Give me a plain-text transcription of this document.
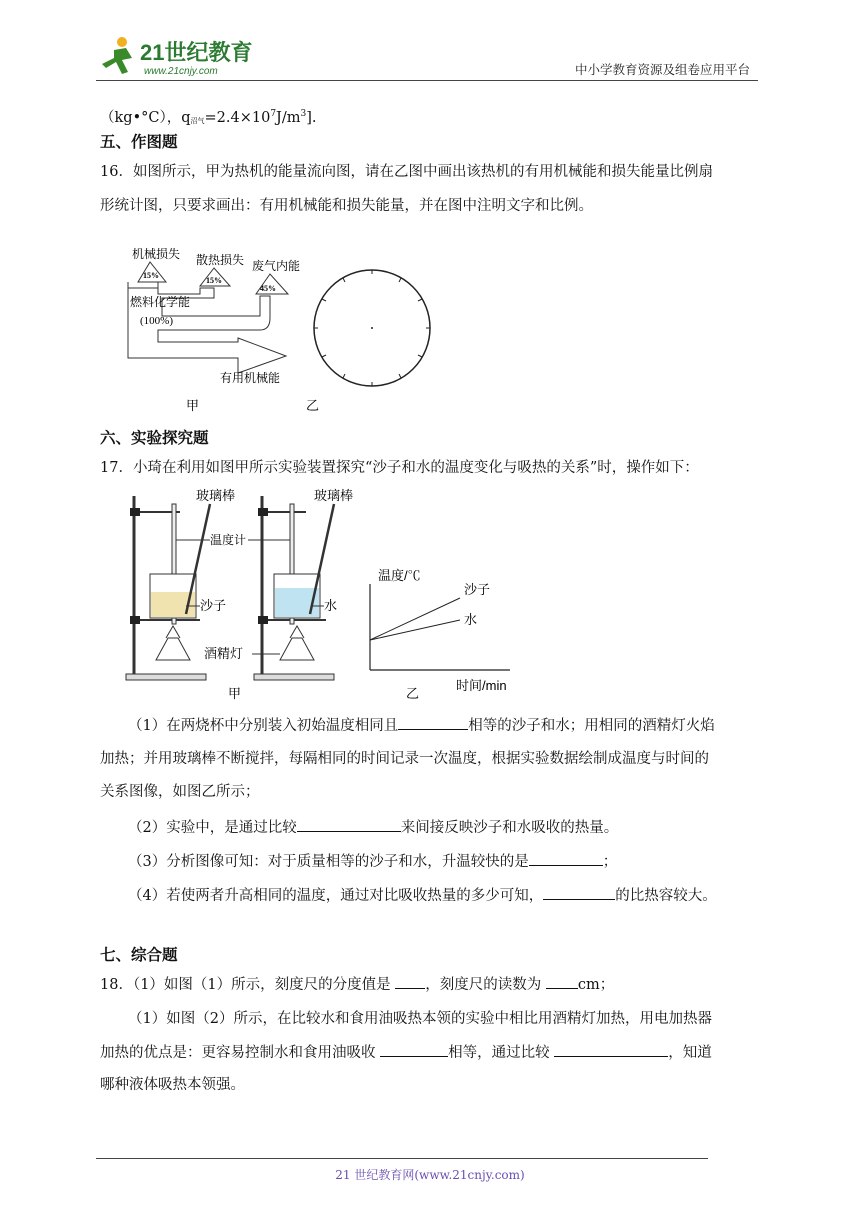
21世纪教育
www.21cnjy.com	中小学教育资源及组卷应用平台
（kg•°C），q沼气$=2.4\times 10^7J/m^3$].
五、作图题
16．如图所示，甲为热机的能量流向图，请在乙图中画出该热机的有用机械能和损失能量比例扇
形统计图，只要求画出：有用机械能和损失能量，并在图中注明文字和比例。
机械损失 散热损失 废气内能
15%
15%
45%
燃料化学能
(100%)
有用机械能
甲	乙
六、实验探究题
17．小琦在利用如图甲所示实验装置探究“沙子和水的温度变化与吸热的关系”时，操作如下：
玻璃棒	玻璃棒
温度计
沙子	水
酒精灯
甲
温度/℃
沙子
水
时间/min
乙
（1）在两烧杯中分别装入初始温度相同且	相等的沙子和水；用相同的酒精灯火焰
加热；并用玻璃棒不断搅拌，每隔相同的时间记录一次温度，根据实验数据绘制成温度与时间的
关系图像，如图乙所示；
（2）实验中，是通过比较	来间接反映沙子和水吸收的热量。
（3）分析图像可知：对于质量相等的沙子和水，升温较快的是	；
（4）若使两者升高相同的温度，通过对比吸收热量的多少可知，	的比热容较大。
七、综合题
18．（1）如图（1）所示，刻度尺的分度值是 ，刻度尺的读数为	cm；
（1）如图（2）所示，在比较水和食用油吸热本领的实验中相比用酒精灯加热，用电加热器
加热的优点是：更容易控制水和食用油吸收	相等，通过比较	，知道
哪种液体吸热本领强。
21 世纪教育网(www.21cnjy.com)
